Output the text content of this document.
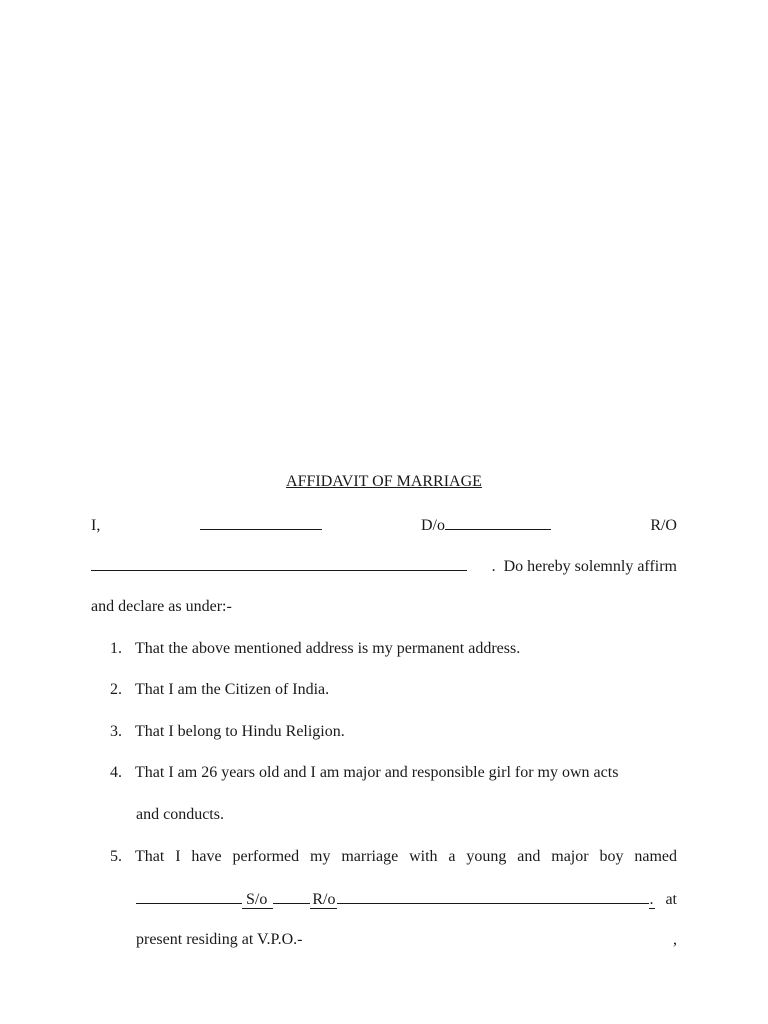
AFFIDAVIT OF MARRIAGE
I,	D/o	R/O
.  Do hereby solemnly affirm
and declare as under:-
1. That the above mentioned address is my permanent address.
2. That I am the Citizen of India.
3. That I belong to Hindu Religion.
4. That I am 26 years old and I am major and responsible girl for my own acts
and conducts.
5. That I have performed my marriage with a young and major boy named
S/o	R/o	. at
present residing at V.P.O.-	,
